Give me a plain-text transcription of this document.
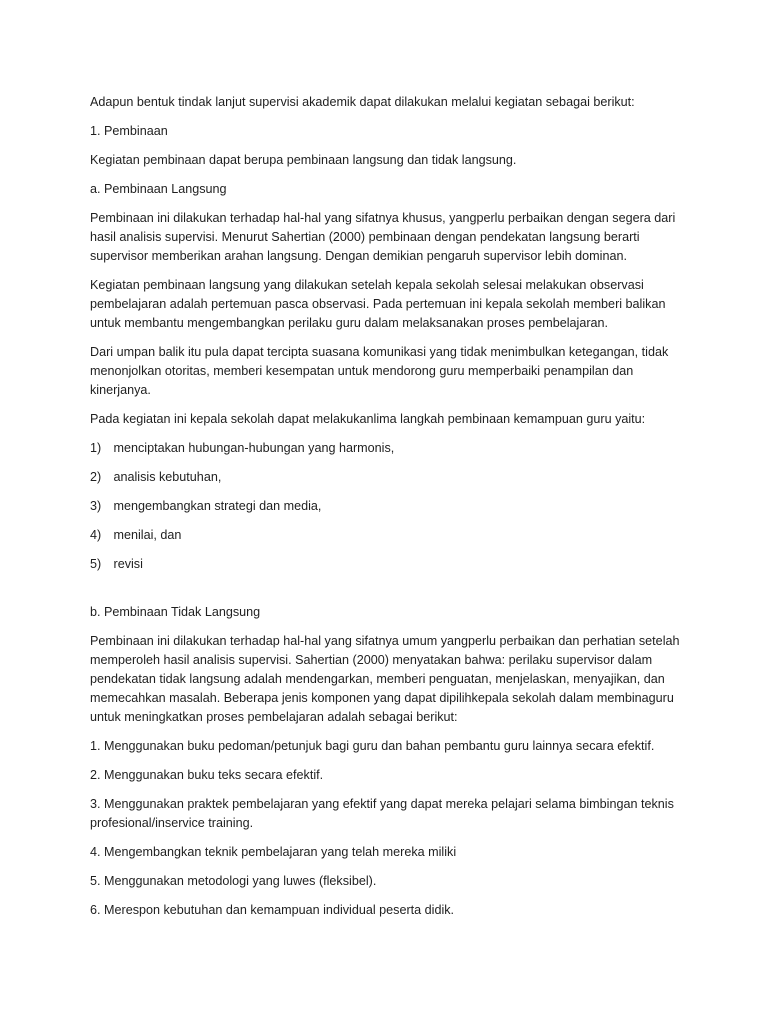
Adapun bentuk tindak lanjut supervisi akademik dapat dilakukan melalui kegiatan sebagai berikut:

1. Pembinaan

Kegiatan pembinaan dapat berupa pembinaan langsung dan tidak langsung.

a. Pembinaan Langsung

Pembinaan ini dilakukan terhadap hal-hal yang sifatnya khusus, yangperlu perbaikan dengan segera dari hasil analisis supervisi. Menurut Sahertian (2000) pembinaan dengan pendekatan langsung berarti supervisor memberikan arahan langsung. Dengan demikian pengaruh supervisor lebih dominan.

Kegiatan pembinaan langsung yang dilakukan setelah kepala sekolah selesai melakukan observasi pembelajaran adalah pertemuan pasca observasi. Pada pertemuan ini kepala sekolah memberi balikan untuk membantu mengembangkan perilaku guru dalam melaksanakan proses pembelajaran.

Dari umpan balik itu pula dapat tercipta suasana komunikasi yang tidak menimbulkan ketegangan, tidak menonjolkan otoritas, memberi kesempatan untuk mendorong guru memperbaiki penampilan dan kinerjanya.

Pada kegiatan ini kepala sekolah dapat melakukanlima langkah pembinaan kemampuan guru yaitu:

1) menciptakan hubungan-hubungan yang harmonis,
2) analisis kebutuhan,
3) mengembangkan strategi dan media,
4) menilai, dan
5) revisi

b. Pembinaan Tidak Langsung

Pembinaan ini dilakukan terhadap hal-hal yang sifatnya umum yangperlu perbaikan dan perhatian setelah memperoleh hasil analisis supervisi. Sahertian (2000) menyatakan bahwa: perilaku supervisor dalam pendekatan tidak langsung adalah mendengarkan, memberi penguatan, menjelaskan, menyajikan, dan memecahkan masalah. Beberapa jenis komponen yang dapat dipilihkepala sekolah dalam membinaguru untuk meningkatkan proses pembelajaran adalah sebagai berikut:

1. Menggunakan buku pedoman/petunjuk bagi guru dan bahan pembantu guru lainnya secara efektif.

2. Menggunakan buku teks secara efektif.

3. Menggunakan praktek pembelajaran yang efektif yang dapat mereka pelajari selama bimbingan teknis profesional/inservice training.

4. Mengembangkan teknik pembelajaran yang telah mereka miliki

5. Menggunakan metodologi yang luwes (fleksibel).

6. Merespon kebutuhan dan kemampuan individual peserta didik.
